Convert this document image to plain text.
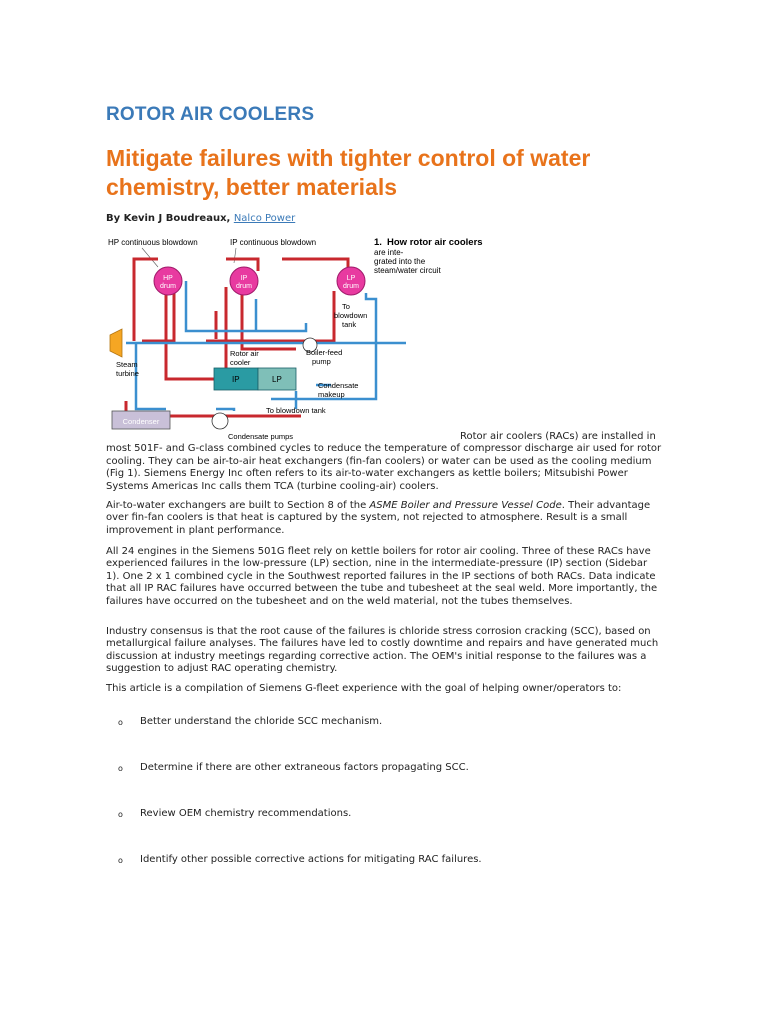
ROTOR AIR COOLERS
Mitigate failures with tighter control of water chemistry, better materials
By Kevin J Boudreaux, Nalco Power
1. How rotor air coolers
are inte-
grated into the
steam/water circuit
HP continuous blowdown	IP continuous blowdown
HP
drum
IP
drum
LP
drum
To
blowdown
tank
Steam
turbine
Rotor air
cooler
IP	LP
Boiler-feed
pump
Condensate
makeup
To blowdown tank
Condenser
Condensate pumps	Rotor air coolers (RACs) are installed in most 501F- and G-class combined cycles to reduce the temperature of compressor discharge air used for rotor cooling. They can be air-to-air heat exchangers (fin-fan coolers) or water can be used as the cooling medium (Fig 1). Siemens Energy Inc often refers to its air-to-water exchangers as kettle boilers; Mitsubishi Power Systems Americas Inc calls them TCA (turbine cooling-air) coolers.

Air-to-water exchangers are built to Section 8 of the ASME Boiler and Pressure Vessel Code. Their advantage over fin-fan coolers is that heat is captured by the system, not rejected to atmosphere. Result is a small improvement in plant performance.

All 24 engines in the Siemens 501G fleet rely on kettle boilers for rotor air cooling. Three of these RACs have experienced failures in the low-pressure (LP) section, nine in the intermediate-pressure (IP) section (Sidebar 1). One 2 x 1 combined cycle in the Southwest reported failures in the IP sections of both RACs. Data indicate that all IP RAC failures have occurred between the tube and tubesheet at the seal weld. More importantly, the failures have occurred on the tubesheet and on the weld material, not the tubes themselves.

Industry consensus is that the root cause of the failures is chloride stress corrosion cracking (SCC), based on metallurgical failure analyses. The failures have led to costly downtime and repairs and have generated much discussion at industry meetings regarding corrective action. The OEM's initial response to the failures was a suggestion to adjust RAC operating chemistry.

This article is a compilation of Siemens G-fleet experience with the goal of helping owner/operators to:

o Better understand the chloride SCC mechanism.
o Determine if there are other extraneous factors propagating SCC.
o Review OEM chemistry recommendations.
o Identify other possible corrective actions for mitigating RAC failures.
